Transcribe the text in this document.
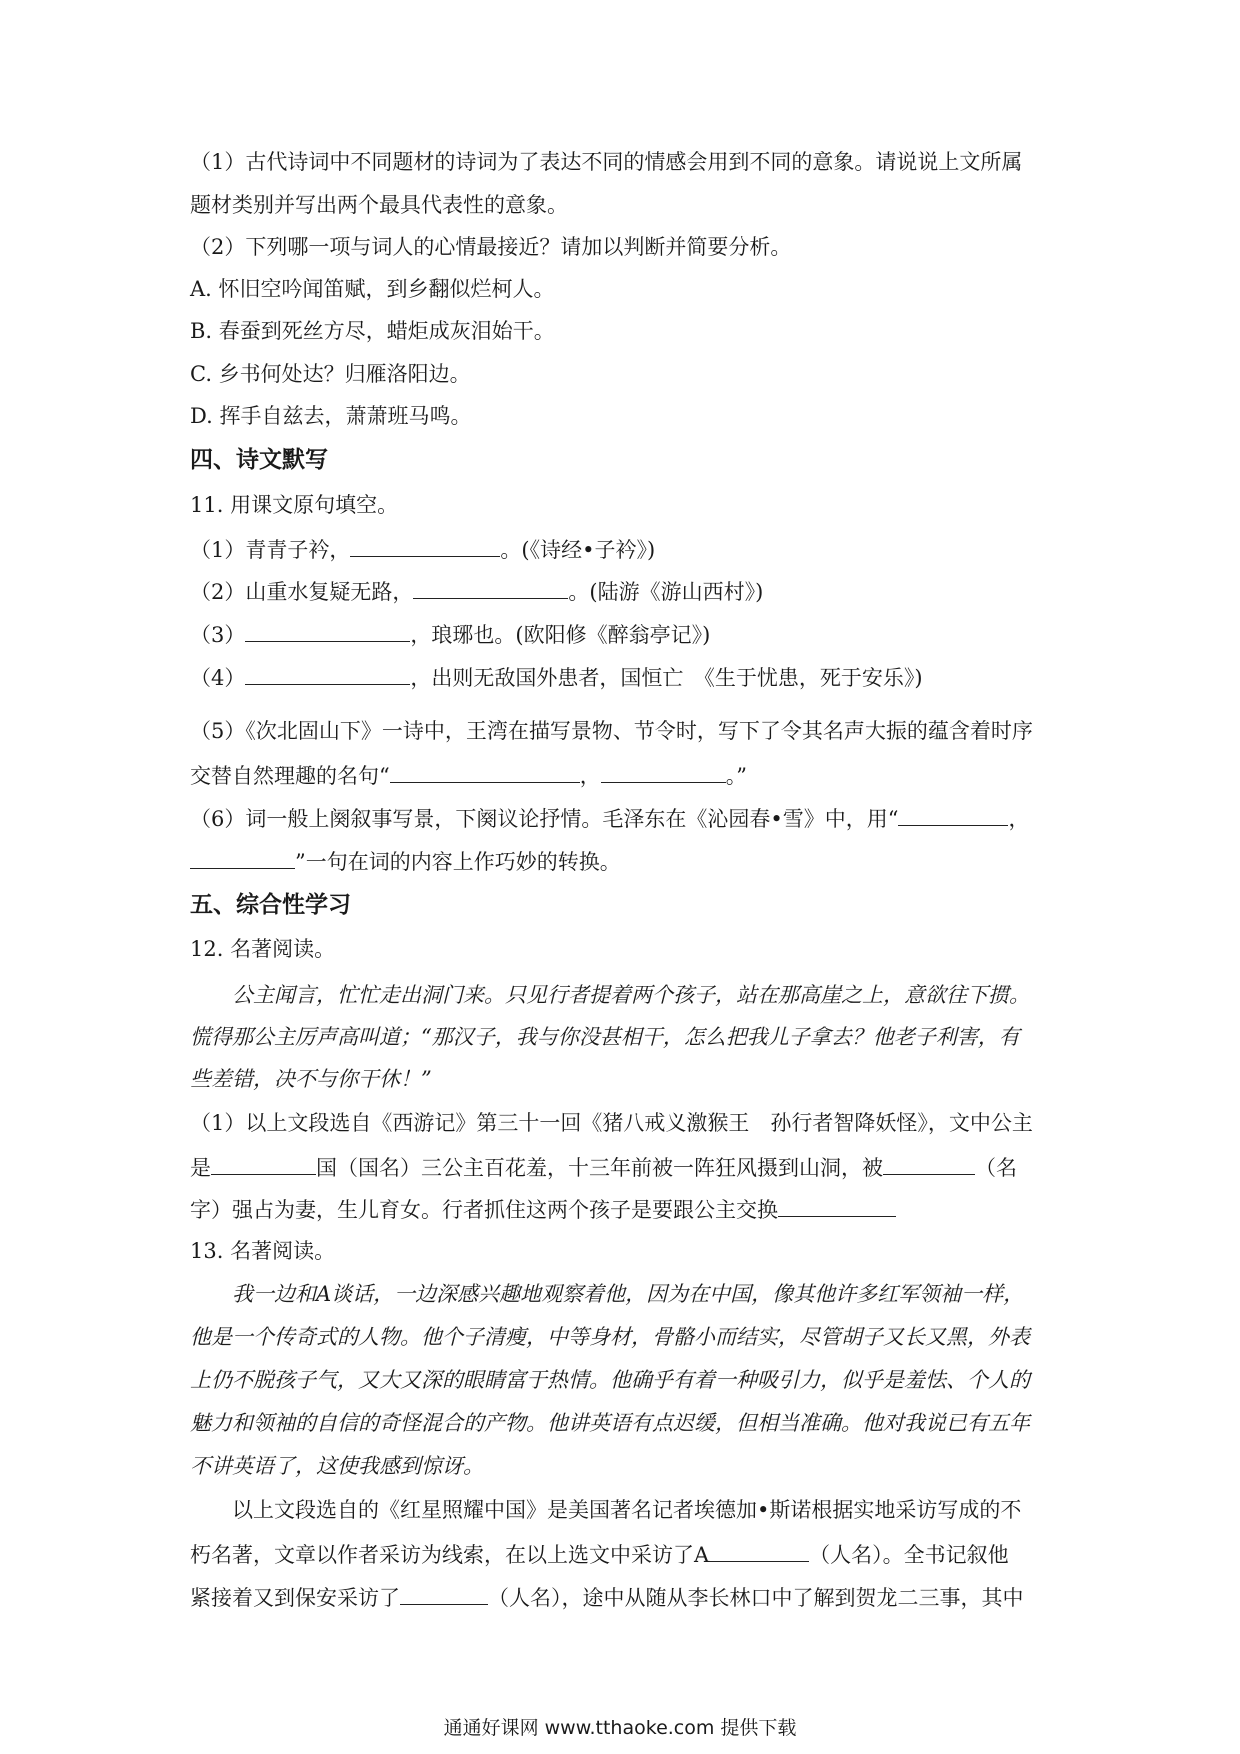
（1）古代诗词中不同题材的诗词为了表达不同的情感会用到不同的意象。请说说上文所属
题材类别并写出两个最具代表性的意象。
（2）下列哪一项与词人的心情最接近？请加以判断并简要分析。
A. 怀旧空吟闻笛赋，到乡翻似烂柯人。
B. 春蚕到死丝方尽，蜡炬成灰泪始干。
C. 乡书何处达？归雁洛阳边。
D. 挥手自兹去，萧萧班马鸣。
四、诗文默写
11. 用课文原句填空。
（1）青青子衿，	。(《诗经•子衿》)
（2）山重水复疑无路，	。(陆游《游山西村》)
（3）	，琅琊也。(欧阳修《醉翁亭记》)
（4）	，出则无敌国外患者，国恒亡　《生于忧患，死于安乐》)
（5）《次北固山下》一诗中，王湾在描写景物、节令时，写下了令其名声大振的蕴含着时序
交替自然理趣的名句“	，	。”
（6）词一般上阕叙事写景，下阕议论抒情。毛泽东在《沁园春•雪》中，用“	，
”一句在词的内容上作巧妙的转换。
五、综合性学习
12. 名著阅读。
　　公主闻言，忙忙走出洞门来。只见行者提着两个孩子，站在那高崖之上，意欲往下掼。
慌得那公主厉声高叫道；“那汉子，我与你没甚相干，怎么把我儿子拿去？他老子利害，有
些差错，决不与你干休！”
（1）以上文段选自《西游记》第三十一回《猪八戒义激猴王　孙行者智降妖怪》，文中公主
是	国（国名）三公主百花羞，十三年前被一阵狂风摄到山洞，被	（名
字）强占为妻，生儿育女。行者抓住这两个孩子是要跟公主交换
13. 名著阅读。
　　我一边和A谈话，一边深感兴趣地观察着他，因为在中国，像其他许多红军领袖一样，
他是一个传奇式的人物。他个子清瘦，中等身材，骨骼小而结实，尽管胡子又长又黑，外表
上仍不脱孩子气，又大又深的眼睛富于热情。他确乎有着一种吸引力，似乎是羞怯、个人的
魅力和领袖的自信的奇怪混合的产物。他讲英语有点迟缓，但相当准确。他对我说已有五年
不讲英语了，这使我感到惊讶。
　　以上文段选自的《红星照耀中国》是美国著名记者埃德加•斯诺根据实地采访写成的不
朽名著，文章以作者采访为线索，在以上选文中采访了A	（人名）。全书记叙他
紧接着又到保安采访了	（人名），途中从随从李长林口中了解到贺龙二三事，其中
通通好课网 www.tthaoke.com 提供下载
